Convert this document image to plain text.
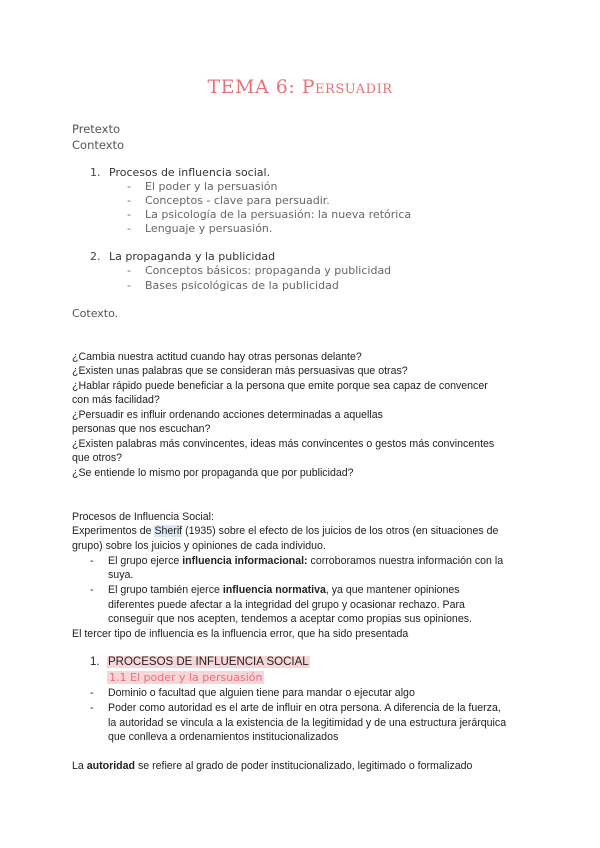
TEMA 6: Persuadir
Pretexto
Contexto
1. Procesos de influencia social.
- El poder y la persuasión
- Conceptos - clave para persuadir.
- La psicología de la persuasión: la nueva retórica
- Lenguaje y persuasión.
2. La propaganda y la publicidad
- Conceptos básicos: propaganda y publicidad
- Bases psicológicas de la publicidad
Cotexto.
¿Cambia nuestra actitud cuando hay otras personas delante?
¿Existen unas palabras que se consideran más persuasivas que otras?
¿Hablar rápido puede beneficiar a la persona que emite porque sea capaz de convencer
con más facilidad?
¿Persuadir es influir ordenando acciones determinadas a aquellas
personas que nos escuchan?
¿Existen palabras más convincentes, ideas más convincentes o gestos más convincentes
que otros?
¿Se entiende lo mismo por propaganda que por publicidad?
Procesos de Influencia Social:
Experimentos de Sherif (1935) sobre el efecto de los juicios de los otros (en situaciones de
grupo) sobre los juicios y opiniones de cada individuo.
- El grupo ejerce influencia informacional: corroboramos nuestra información con la
suya.
- El grupo también ejerce influencia normativa, ya que mantener opiniones
diferentes puede afectar a la integridad del grupo y ocasionar rechazo. Para
conseguir que nos acepten, tendemos a aceptar como propias sus opiniones.
El tercer tipo de influencia es la influencia error, que ha sido presentada
1. PROCESOS DE INFLUENCIA SOCIAL
1.1 El poder y la persuasión
- Dominio o facultad que alguien tiene para mandar o ejecutar algo
- Poder como autoridad es el arte de influir en otra persona. A diferencia de la fuerza,
la autoridad se vincula a la existencia de la legitimidad y de una estructura jerárquica
que conlleva a ordenamientos institucionalizados
La autoridad se refiere al grado de poder institucionalizado, legitimado o formalizado
